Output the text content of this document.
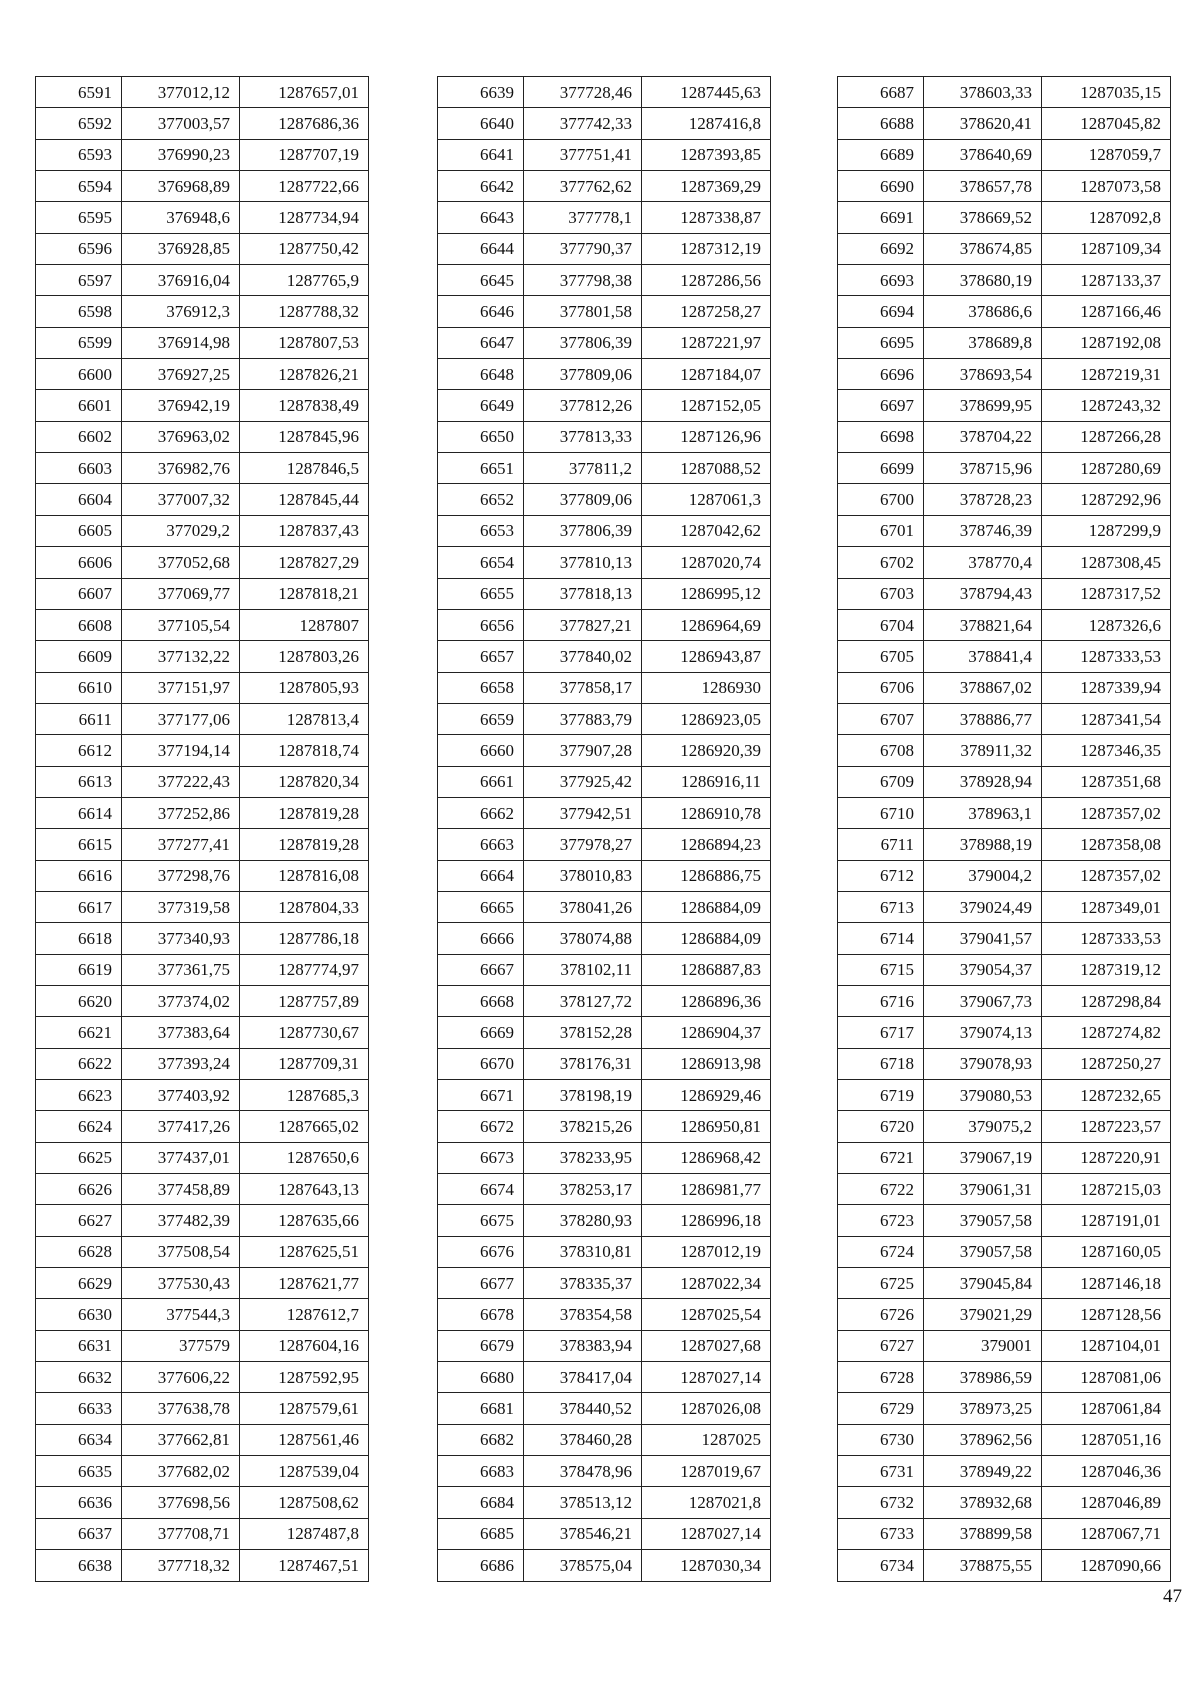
6591	377012,12	1287657,01
6592	377003,57	1287686,36
6593	376990,23	1287707,19
6594	376968,89	1287722,66
6595	376948,6	1287734,94
6596	376928,85	1287750,42
6597	376916,04	1287765,9
6598	376912,3	1287788,32
6599	376914,98	1287807,53
6600	376927,25	1287826,21
6601	376942,19	1287838,49
6602	376963,02	1287845,96
6603	376982,76	1287846,5
6604	377007,32	1287845,44
6605	377029,2	1287837,43
6606	377052,68	1287827,29
6607	377069,77	1287818,21
6608	377105,54	1287807
6609	377132,22	1287803,26
6610	377151,97	1287805,93
6611	377177,06	1287813,4
6612	377194,14	1287818,74
6613	377222,43	1287820,34
6614	377252,86	1287819,28
6615	377277,41	1287819,28
6616	377298,76	1287816,08
6617	377319,58	1287804,33
6618	377340,93	1287786,18
6619	377361,75	1287774,97
6620	377374,02	1287757,89
6621	377383,64	1287730,67
6622	377393,24	1287709,31
6623	377403,92	1287685,3
6624	377417,26	1287665,02
6625	377437,01	1287650,6
6626	377458,89	1287643,13
6627	377482,39	1287635,66
6628	377508,54	1287625,51
6629	377530,43	1287621,77
6630	377544,3	1287612,7
6631	377579	1287604,16
6632	377606,22	1287592,95
6633	377638,78	1287579,61
6634	377662,81	1287561,46
6635	377682,02	1287539,04
6636	377698,56	1287508,62
6637	377708,71	1287487,8
6638	377718,32	1287467,51
6639	377728,46	1287445,63
6640	377742,33	1287416,8
6641	377751,41	1287393,85
6642	377762,62	1287369,29
6643	377778,1	1287338,87
6644	377790,37	1287312,19
6645	377798,38	1287286,56
6646	377801,58	1287258,27
6647	377806,39	1287221,97
6648	377809,06	1287184,07
6649	377812,26	1287152,05
6650	377813,33	1287126,96
6651	377811,2	1287088,52
6652	377809,06	1287061,3
6653	377806,39	1287042,62
6654	377810,13	1287020,74
6655	377818,13	1286995,12
6656	377827,21	1286964,69
6657	377840,02	1286943,87
6658	377858,17	1286930
6659	377883,79	1286923,05
6660	377907,28	1286920,39
6661	377925,42	1286916,11
6662	377942,51	1286910,78
6663	377978,27	1286894,23
6664	378010,83	1286886,75
6665	378041,26	1286884,09
6666	378074,88	1286884,09
6667	378102,11	1286887,83
6668	378127,72	1286896,36
6669	378152,28	1286904,37
6670	378176,31	1286913,98
6671	378198,19	1286929,46
6672	378215,26	1286950,81
6673	378233,95	1286968,42
6674	378253,17	1286981,77
6675	378280,93	1286996,18
6676	378310,81	1287012,19
6677	378335,37	1287022,34
6678	378354,58	1287025,54
6679	378383,94	1287027,68
6680	378417,04	1287027,14
6681	378440,52	1287026,08
6682	378460,28	1287025
6683	378478,96	1287019,67
6684	378513,12	1287021,8
6685	378546,21	1287027,14
6686	378575,04	1287030,34
6687	378603,33	1287035,15
6688	378620,41	1287045,82
6689	378640,69	1287059,7
6690	378657,78	1287073,58
6691	378669,52	1287092,8
6692	378674,85	1287109,34
6693	378680,19	1287133,37
6694	378686,6	1287166,46
6695	378689,8	1287192,08
6696	378693,54	1287219,31
6697	378699,95	1287243,32
6698	378704,22	1287266,28
6699	378715,96	1287280,69
6700	378728,23	1287292,96
6701	378746,39	1287299,9
6702	378770,4	1287308,45
6703	378794,43	1287317,52
6704	378821,64	1287326,6
6705	378841,4	1287333,53
6706	378867,02	1287339,94
6707	378886,77	1287341,54
6708	378911,32	1287346,35
6709	378928,94	1287351,68
6710	378963,1	1287357,02
6711	378988,19	1287358,08
6712	379004,2	1287357,02
6713	379024,49	1287349,01
6714	379041,57	1287333,53
6715	379054,37	1287319,12
6716	379067,73	1287298,84
6717	379074,13	1287274,82
6718	379078,93	1287250,27
6719	379080,53	1287232,65
6720	379075,2	1287223,57
6721	379067,19	1287220,91
6722	379061,31	1287215,03
6723	379057,58	1287191,01
6724	379057,58	1287160,05
6725	379045,84	1287146,18
6726	379021,29	1287128,56
6727	379001	1287104,01
6728	378986,59	1287081,06
6729	378973,25	1287061,84
6730	378962,56	1287051,16
6731	378949,22	1287046,36
6732	378932,68	1287046,89
6733	378899,58	1287067,71
6734	378875,55	1287090,66
47
